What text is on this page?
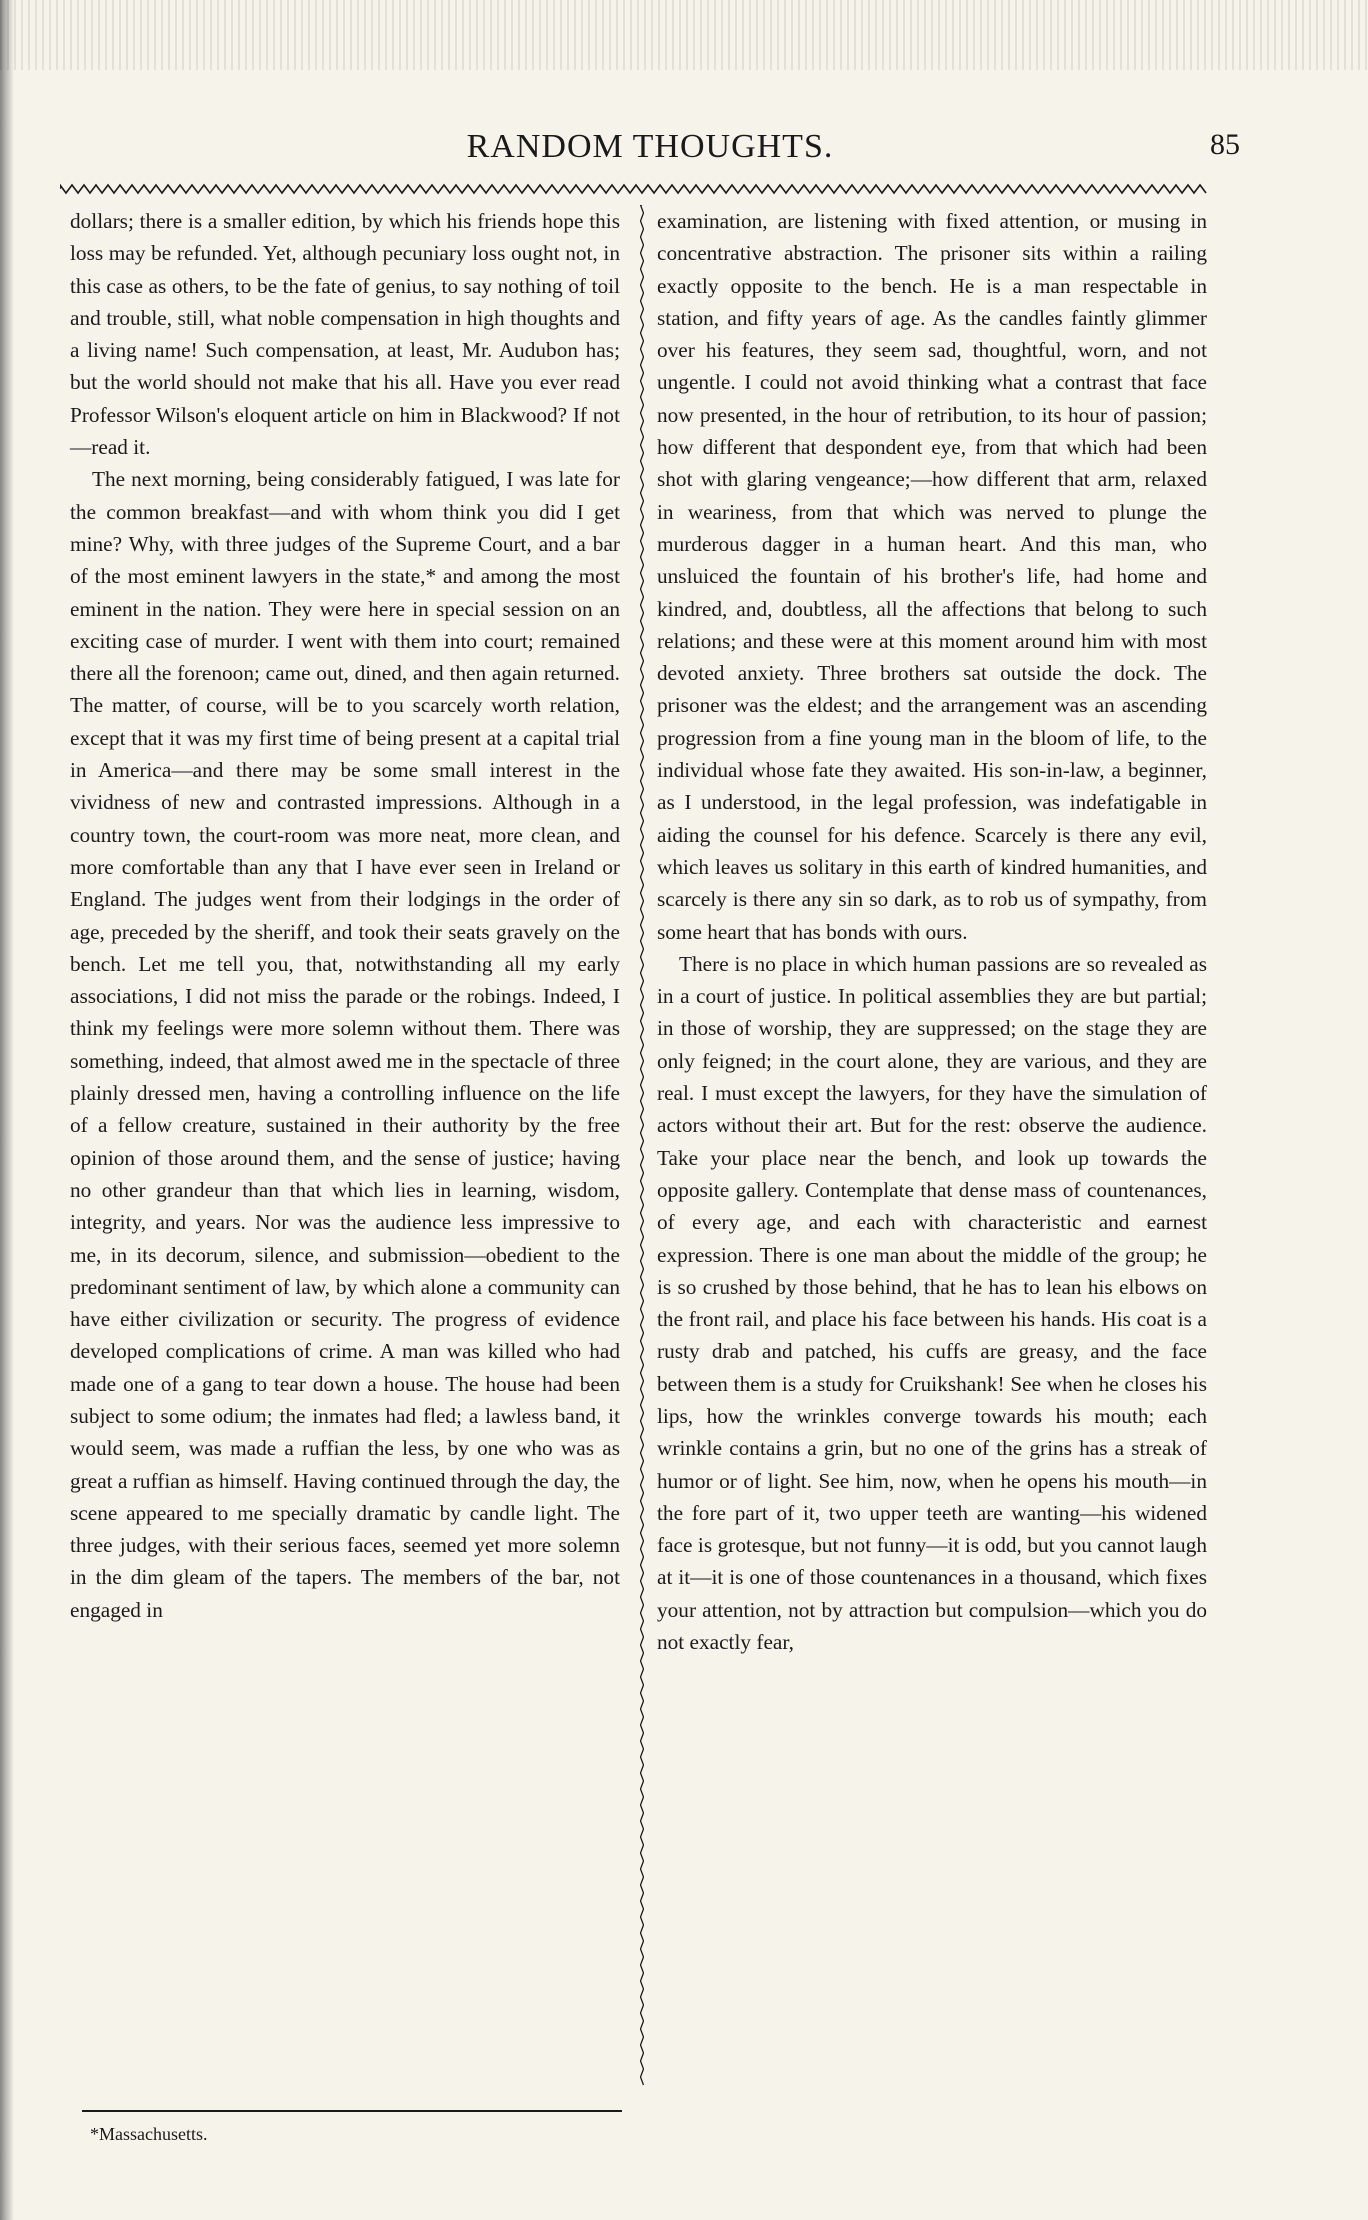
RANDOM THOUGHTS.	85

dollars; there is a smaller edition, by which his friends hope this loss may be refunded. Yet, although pecuniary loss ought not, in this case as others, to be the fate of genius, to say nothing of toil and trouble, still, what noble compensation in high thoughts and a living name! Such compensation, at least, Mr. Audubon has; but the world should not make that his all. Have you ever read Professor Wilson's eloquent article on him in Blackwood? If not—read it.

The next morning, being considerably fatigued, I was late for the common breakfast—and with whom think you did I get mine? Why, with three judges of the Supreme Court, and a bar of the most eminent lawyers in the state,* and among the most eminent in the nation. They were here in special session on an exciting case of murder. I went with them into court; remained there all the forenoon; came out, dined, and then again returned. The matter, of course, will be to you scarcely worth relation, except that it was my first time of being present at a capital trial in America—and there may be some small interest in the vividness of new and contrasted impressions. Although in a country town, the court-room was more neat, more clean, and more comfortable than any that I have ever seen in Ireland or England. The judges went from their lodgings in the order of age, preceded by the sheriff, and took their seats gravely on the bench. Let me tell you, that, notwithstanding all my early associations, I did not miss the parade or the robings. Indeed, I think my feelings were more solemn without them. There was something, indeed, that almost awed me in the spectacle of three plainly dressed men, having a controlling influence on the life of a fellow creature, sustained in their authority by the free opinion of those around them, and the sense of justice; having no other grandeur than that which lies in learning, wisdom, integrity, and years. Nor was the audience less impressive to me, in its decorum, silence, and submission—obedient to the predominant sentiment of law, by which alone a community can have either civilization or security. The progress of evidence developed complications of crime. A man was killed who had made one of a gang to tear down a house. The house had been subject to some odium; the inmates had fled; a lawless band, it would seem, was made a ruffian the less, by one who was as great a ruffian as himself. Having continued through the day, the scene appeared to me specially dramatic by candle light. The three judges, with their serious faces, seemed yet more solemn in the dim gleam of the tapers. The members of the bar, not engaged in

examination, are listening with fixed attention, or musing in concentrative abstraction. The prisoner sits within a railing exactly opposite to the bench. He is a man respectable in station, and fifty years of age. As the candles faintly glimmer over his features, they seem sad, thoughtful, worn, and not ungentle. I could not avoid thinking what a contrast that face now presented, in the hour of retribution, to its hour of passion; how different that despondent eye, from that which had been shot with glaring vengeance;—how different that arm, relaxed in weariness, from that which was nerved to plunge the murderous dagger in a human heart. And this man, who unsluiced the fountain of his brother's life, had home and kindred, and, doubtless, all the affections that belong to such relations; and these were at this moment around him with most devoted anxiety. Three brothers sat outside the dock. The prisoner was the eldest; and the arrangement was an ascending progression from a fine young man in the bloom of life, to the individual whose fate they awaited. His son-in-law, a beginner, as I understood, in the legal profession, was indefatigable in aiding the counsel for his defence. Scarcely is there any evil, which leaves us solitary in this earth of kindred humanities, and scarcely is there any sin so dark, as to rob us of sympathy, from some heart that has bonds with ours.

There is no place in which human passions are so revealed as in a court of justice. In political assemblies they are but partial; in those of worship, they are suppressed; on the stage they are only feigned; in the court alone, they are various, and they are real. I must except the lawyers, for they have the simulation of actors without their art. But for the rest: observe the audience. Take your place near the bench, and look up towards the opposite gallery. Contemplate that dense mass of countenances, of every age, and each with characteristic and earnest expression. There is one man about the middle of the group; he is so crushed by those behind, that he has to lean his elbows on the front rail, and place his face between his hands. His coat is a rusty drab and patched, his cuffs are greasy, and the face between them is a study for Cruikshank! See when he closes his lips, how the wrinkles converge towards his mouth; each wrinkle contains a grin, but no one of the grins has a streak of humor or of light. See him, now, when he opens his mouth—in the fore part of it, two upper teeth are wanting—his widened face is grotesque, but not funny—it is odd, but you cannot laugh at it—it is one of those countenances in a thousand, which fixes your attention, not by attraction but compulsion—which you do not exactly fear,

*Massachusetts.
